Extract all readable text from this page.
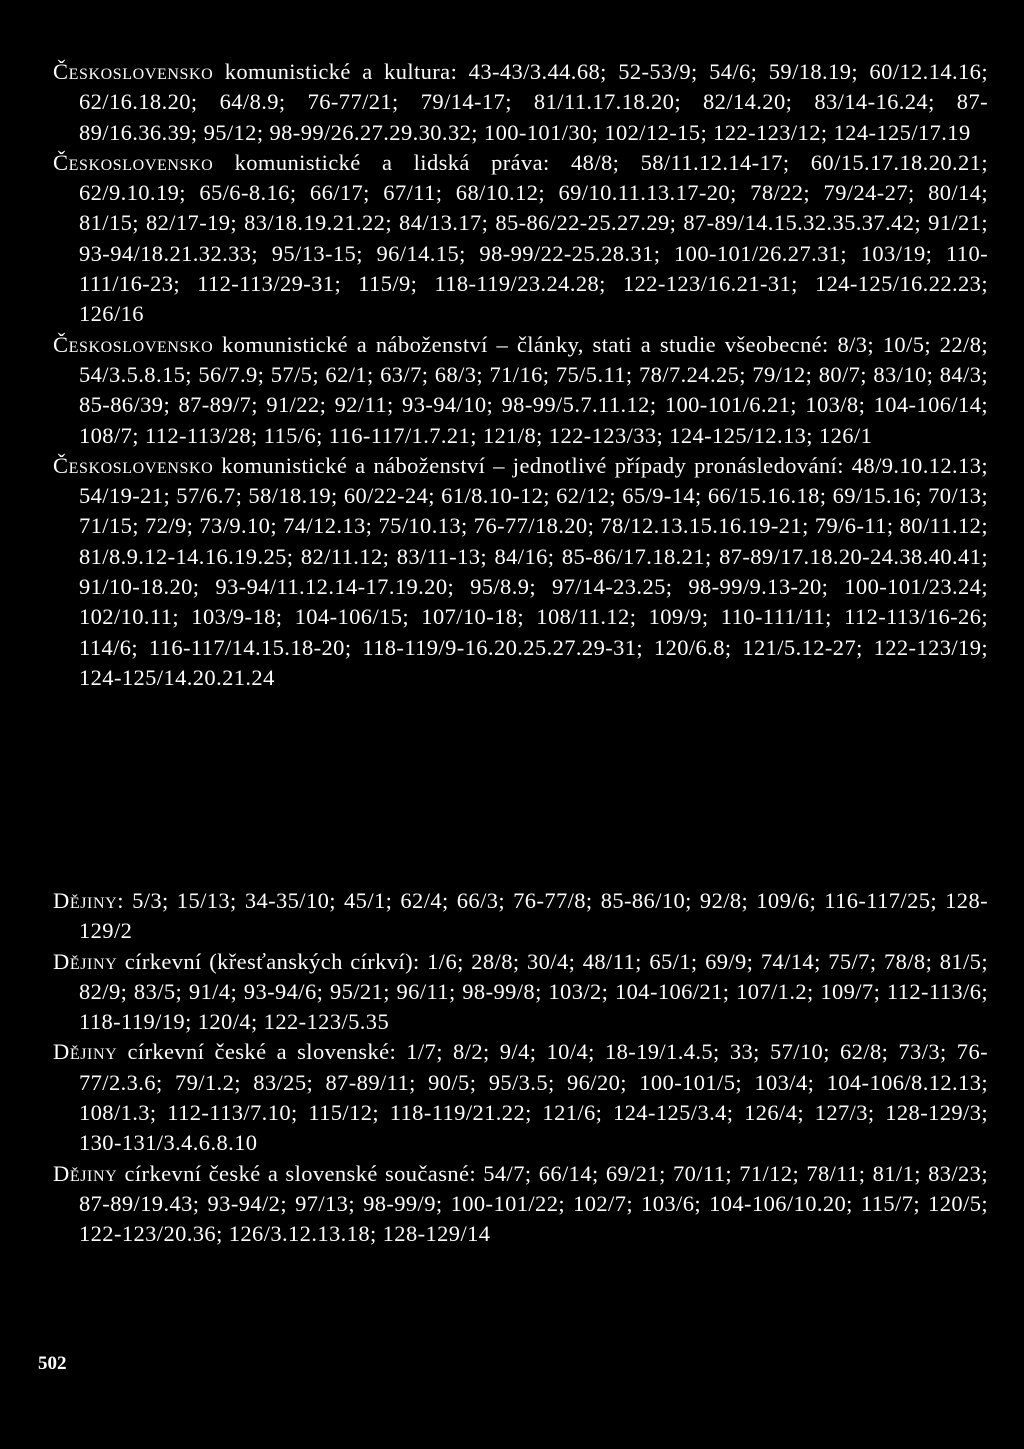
Československo komunistické a kultura: 43-43/3.44.68; 52-53/9; 54/6; 59/18.19; 60/12.14.16; 62/16.18.20; 64/8.9; 76-77/21; 79/14-17; 81/11.17.18.20; 82/14.20; 83/14-16.24; 87-89/16.36.39; 95/12; 98-99/26.27.29.30.32; 100-101/30; 102/12-15; 122-123/12; 124-125/17.19

Československo komunistické a lidská práva: 48/8; 58/11.12.14-17; 60/15.17.18.20.21; 62/9.10.19; 65/6-8.16; 66/17; 67/11; 68/10.12; 69/10.11.13.17-20; 78/22; 79/24-27; 80/14; 81/15; 82/17-19; 83/18.19.21.22; 84/13.17; 85-86/22-25.27.29; 87-89/14.15.32.35.37.42; 91/21; 93-94/18.21.32.33; 95/13-15; 96/14.15; 98-99/22-25.28.31; 100-101/26.27.31; 103/19; 110-111/16-23; 112-113/29-31; 115/9; 118-119/23.24.28; 122-123/16.21-31; 124-125/16.22.23; 126/16

Československo komunistické a náboženství – články, stati a studie všeobecné: 8/3; 10/5; 22/8; 54/3.5.8.15; 56/7.9; 57/5; 62/1; 63/7; 68/3; 71/16; 75/5.11; 78/7.24.25; 79/12; 80/7; 83/10; 84/3; 85-86/39; 87-89/7; 91/22; 92/11; 93-94/10; 98-99/5.7.11.12; 100-101/6.21; 103/8; 104-106/14; 108/7; 112-113/28; 115/6; 116-117/1.7.21; 121/8; 122-123/33; 124-125/12.13; 126/1

Československo komunistické a náboženství – jednotlivé případy pronásledování: 48/9.10.12.13; 54/19-21; 57/6.7; 58/18.19; 60/22-24; 61/8.10-12; 62/12; 65/9-14; 66/15.16.18; 69/15.16; 70/13; 71/15; 72/9; 73/9.10; 74/12.13; 75/10.13; 76-77/18.20; 78/12.13.15.16.19-21; 79/6-11; 80/11.12; 81/8.9.12-14.16.19.25; 82/11.12; 83/11-13; 84/16; 85-86/17.18.21; 87-89/17.18.20-24.38.40.41; 91/10-18.20; 93-94/11.12.14-17.19.20; 95/8.9; 97/14-23.25; 98-99/9.13-20; 100-101/23.24; 102/10.11; 103/9-18; 104-106/15; 107/10-18; 108/11.12; 109/9; 110-111/11; 112-113/16-26; 114/6; 116-117/14.15.18-20; 118-119/9-16.20.25.27.29-31; 120/6.8; 121/5.12-27; 122-123/19; 124-125/14.20.21.24

Dějiny: 5/3; 15/13; 34-35/10; 45/1; 62/4; 66/3; 76-77/8; 85-86/10; 92/8; 109/6; 116-117/25; 128-129/2

Dějiny církevní (křesťanských církví): 1/6; 28/8; 30/4; 48/11; 65/1; 69/9; 74/14; 75/7; 78/8; 81/5; 82/9; 83/5; 91/4; 93-94/6; 95/21; 96/11; 98-99/8; 103/2; 104-106/21; 107/1.2; 109/7; 112-113/6; 118-119/19; 120/4; 122-123/5.35

Dějiny církevní české a slovenské: 1/7; 8/2; 9/4; 10/4; 18-19/1.4.5; 33; 57/10; 62/8; 73/3; 76-77/2.3.6; 79/1.2; 83/25; 87-89/11; 90/5; 95/3.5; 96/20; 100-101/5; 103/4; 104-106/8.12.13; 108/1.3; 112-113/7.10; 115/12; 118-119/21.22; 121/6; 124-125/3.4; 126/4; 127/3; 128-129/3; 130-131/3.4.6.8.10

Dějiny církevní české a slovenské současné: 54/7; 66/14; 69/21; 70/11; 71/12; 78/11; 81/1; 83/23; 87-89/19.43; 93-94/2; 97/13; 98-99/9; 100-101/22; 102/7; 103/6; 104-106/10.20; 115/7; 120/5; 122-123/20.36; 126/3.12.13.18; 128-129/14

502
